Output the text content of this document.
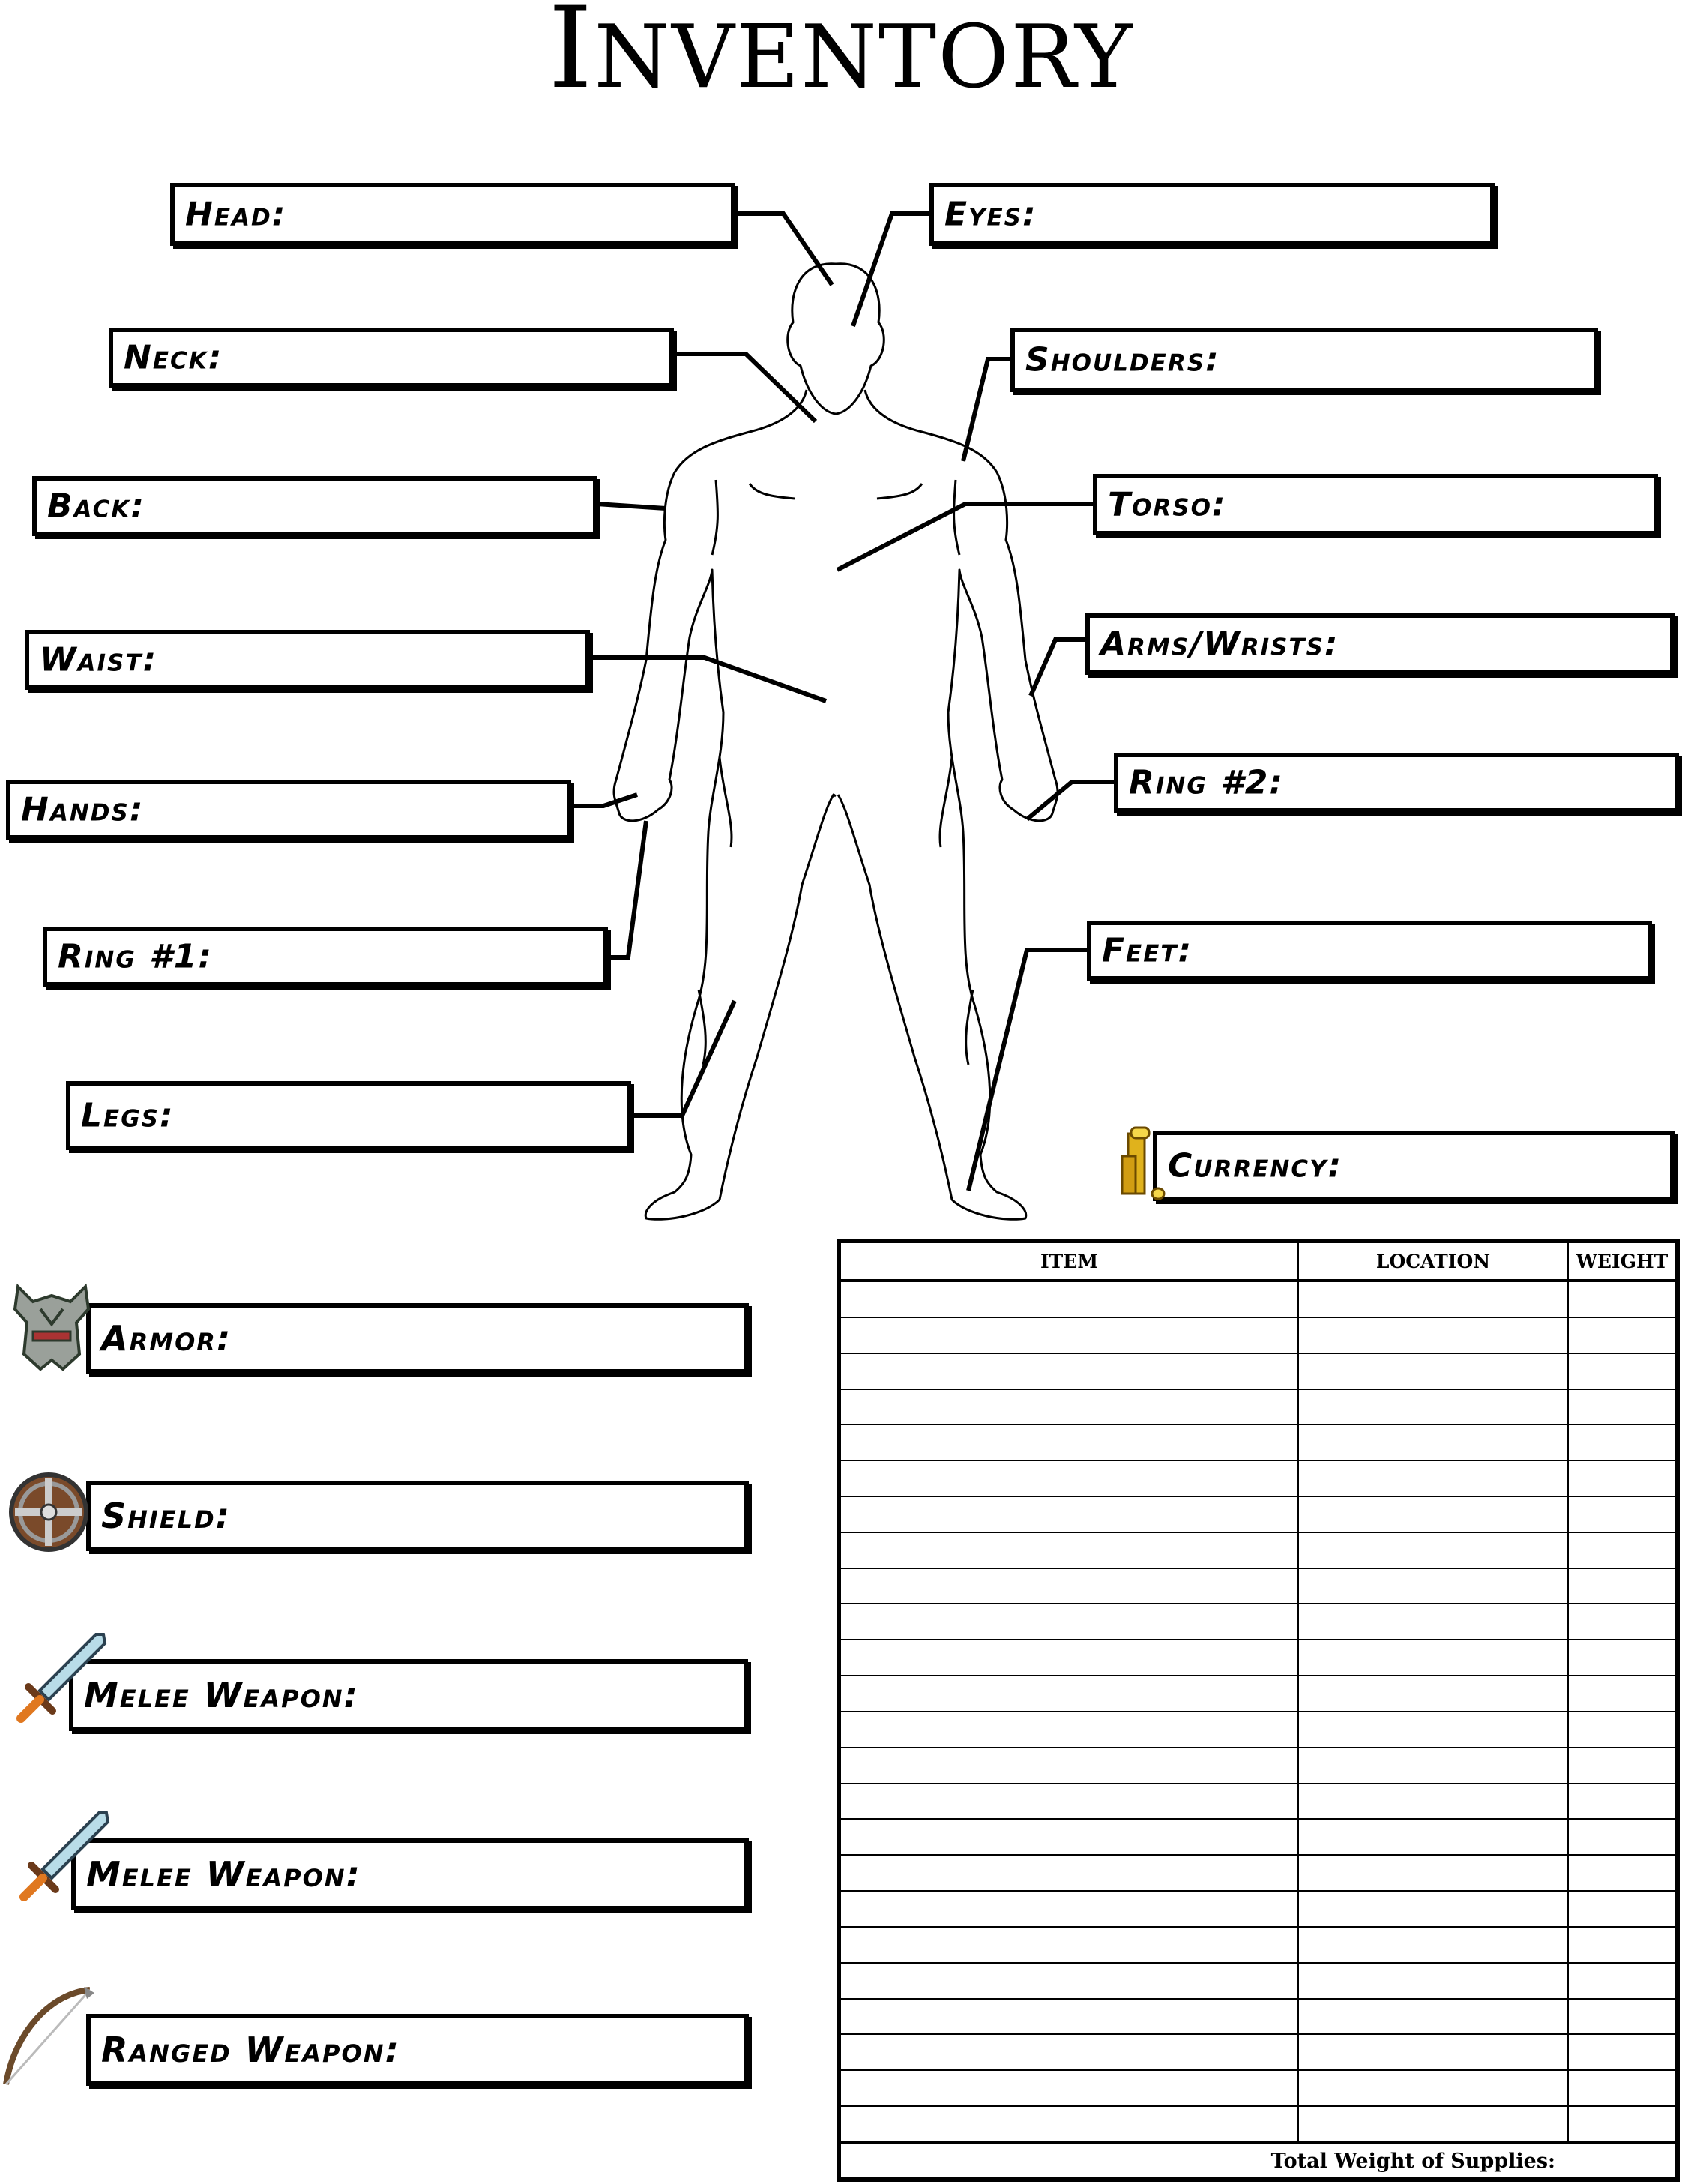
INVENTORY
Head:	Eyes:
Neck:	Shoulders:
Back:	Torso:
Waist:	Arms/Wrists:
Hands:
Ring #2:
Ring #1:	Feet:
Legs:
Currency:
Armor:
Shield:
Melee Weapon:
Melee Weapon:
Ranged Weapon:
ITEM	LOCATION	WEIGHT

Total Weight of Supplies:		
